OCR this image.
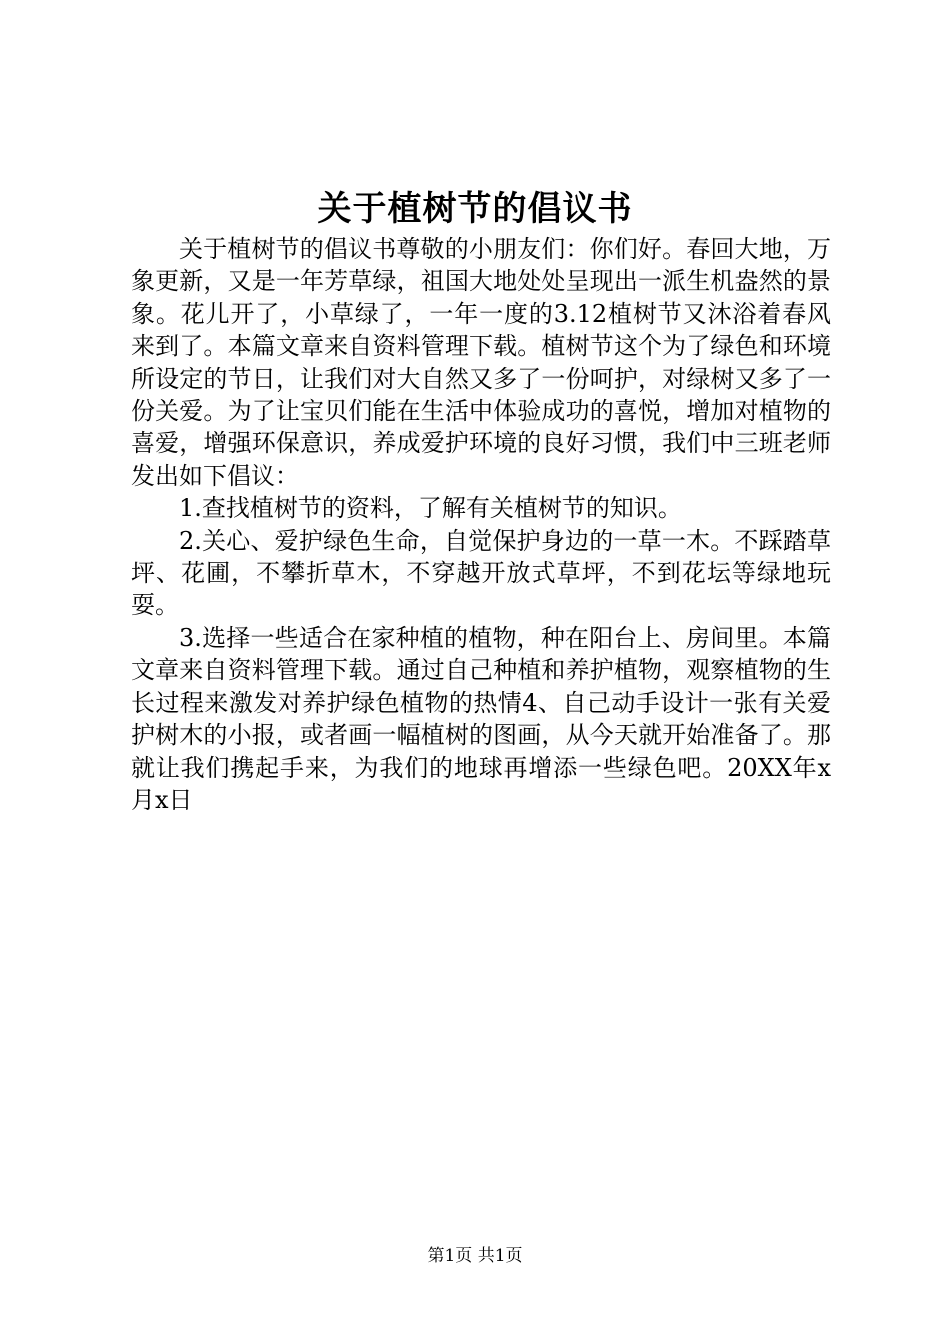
关于植树节的倡议书

关于植树节的倡议书尊敬的小朋友们：你们好。春回大地，万象更新，又是一年芳草绿，祖国大地处处呈现出一派生机盎然的景象。花儿开了，小草绿了，一年一度的3.12植树节又沐浴着春风来到了。本篇文章来自资料管理下载。植树节这个为了绿色和环境所设定的节日，让我们对大自然又多了一份呵护，对绿树又多了一份关爱。为了让宝贝们能在生活中体验成功的喜悦，增加对植物的喜爱，增强环保意识，养成爱护环境的良好习惯，我们中三班老师发出如下倡议：

1.查找植树节的资料，了解有关植树节的知识。

2.关心、爱护绿色生命，自觉保护身边的一草一木。不踩踏草坪、花圃，不攀折草木，不穿越开放式草坪，不到花坛等绿地玩耍。

3.选择一些适合在家种植的植物，种在阳台上、房间里。本篇文章来自资料管理下载。通过自己种植和养护植物，观察植物的生长过程来激发对养护绿色植物的热情4、自己动手设计一张有关爱护树木的小报，或者画一幅植树的图画，从今天就开始准备了。那就让我们携起手来，为我们的地球再增添一些绿色吧。20XX年x月x日

第1页 共1页
